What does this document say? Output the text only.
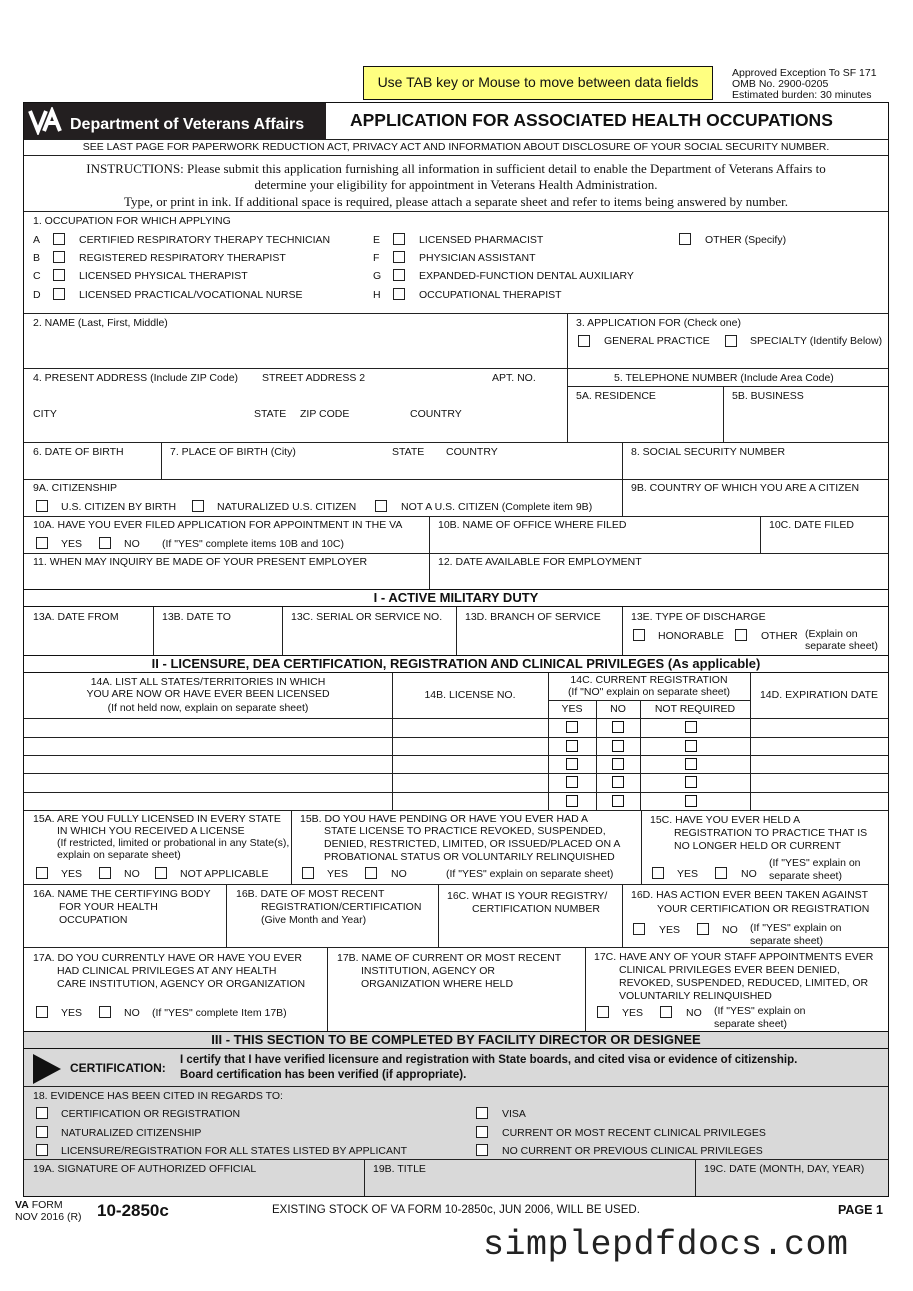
Use TAB key or Mouse to move between data fields
Approved Exception To SF 171
OMB No. 2900-0205
Estimated burden: 30 minutes
Department of Veterans Affairs	APPLICATION FOR ASSOCIATED HEALTH OCCUPATIONS
SEE LAST PAGE FOR PAPERWORK REDUCTION ACT, PRIVACY ACT AND INFORMATION ABOUT DISCLOSURE OF YOUR SOCIAL SECURITY NUMBER.
INSTRUCTIONS: Please submit this application furnishing all information in sufficient detail to enable the Department of Veterans Affairs to
determine your eligibility for appointment in Veterans Health Administration.
Type, or print in ink. If additional space is required, please attach a separate sheet and refer to items being answered by number.
1. OCCUPATION FOR WHICH APPLYING
A	CERTIFIED RESPIRATORY THERAPY TECHNICIAN
B	REGISTERED RESPIRATORY THERAPIST
C	LICENSED PHYSICAL THERAPIST
D	LICENSED PRACTICAL/VOCATIONAL NURSE
E	LICENSED PHARMACIST
F	PHYSICIAN ASSISTANT
G	EXPANDED-FUNCTION DENTAL AUXILIARY
H	OCCUPATIONAL THERAPIST
OTHER (Specify)
2. NAME (Last, First, Middle)	3. APPLICATION FOR (Check one)
GENERAL PRACTICE	SPECIALTY (Identify Below)
4. PRESENT ADDRESS (Include ZIP Code) STREET ADDRESS 2	APT. NO.
CITY	STATE ZIP CODE	COUNTRY
5. TELEPHONE NUMBER (Include Area Code)
5A. RESIDENCE	5B. BUSINESS
6. DATE OF BIRTH	7. PLACE OF BIRTH (City)	STATE COUNTRY	8. SOCIAL SECURITY NUMBER
9A. CITIZENSHIP
U.S. CITIZEN BY BIRTH	NATURALIZED U.S. CITIZEN	NOT A U.S. CITIZEN (Complete item 9B)
9B. COUNTRY OF WHICH YOU ARE A CITIZEN
10A. HAVE YOU EVER FILED APPLICATION FOR APPOINTMENT IN THE VA
YES	NO (If "YES" complete items 10B and 10C)
10B. NAME OF OFFICE WHERE FILED	10C. DATE FILED
11. WHEN MAY INQUIRY BE MADE OF YOUR PRESENT EMPLOYER	12. DATE AVAILABLE FOR EMPLOYMENT
I - ACTIVE MILITARY DUTY
13A. DATE FROM	13B. DATE TO	13C. SERIAL OR SERVICE NO. 13D. BRANCH OF SERVICE	13E. TYPE OF DISCHARGE
HONORABLE	OTHER (Explain on
separate sheet)
II - LICENSURE, DEA CERTIFICATION, REGISTRATION AND CLINICAL PRIVILEGES (As applicable)
14A. LIST ALL STATES/TERRITORIES IN WHICH
YOU ARE NOW OR HAVE EVER BEEN LICENSED
(If not held now, explain on separate sheet)
14B. LICENSE NO.
14C. CURRENT REGISTRATION
(If "NO" explain on separate sheet)
YES	NO	NOT REQUIRED
14D. EXPIRATION DATE
15A. ARE YOU FULLY LICENSED IN EVERY STATE
IN WHICH YOU RECEIVED A LICENSE
(If restricted, limited or probational in any State(s),
explain on separate sheet)
YES	NO	NOT APPLICABLE
15B. DO YOU HAVE PENDING OR HAVE YOU EVER HAD A
STATE LICENSE TO PRACTICE REVOKED, SUSPENDED,
DENIED, RESTRICTED, LIMITED, OR ISSUED/PLACED ON A
PROBATIONAL STATUS OR VOLUNTARILY RELINQUISHED
YES	NO	(If "YES" explain on separate sheet)
15C. HAVE YOU EVER HELD A
REGISTRATION TO PRACTICE THAT IS
NO LONGER HELD OR CURRENT
YES	NO
(If "YES" explain on
separate sheet)
16A. NAME THE CERTIFYING BODY
FOR YOUR HEALTH
OCCUPATION
16B. DATE OF MOST RECENT
REGISTRATION/CERTIFICATION
(Give Month and Year)
16C. WHAT IS YOUR REGISTRY/
CERTIFICATION NUMBER
16D. HAS ACTION EVER BEEN TAKEN AGAINST
YOUR CERTIFICATION OR REGISTRATION
YES	NO (If "YES" explain on
separate sheet)
17A. DO YOU CURRENTLY HAVE OR HAVE YOU EVER
HAD CLINICAL PRIVILEGES AT ANY HEALTH
CARE INSTITUTION, AGENCY OR ORGANIZATION
YES	NO (If "YES" complete Item 17B)
17B. NAME OF CURRENT OR MOST RECENT
INSTITUTION, AGENCY OR
ORGANIZATION WHERE HELD
17C. HAVE ANY OF YOUR STAFF APPOINTMENTS EVER
CLINICAL PRIVILEGES EVER BEEN DENIED,
REVOKED, SUSPENDED, REDUCED, LIMITED, OR
VOLUNTARILY RELINQUISHED
YES	NO (If "YES" explain on
separate sheet)
III - THIS SECTION TO BE COMPLETED BY FACILITY DIRECTOR OR DESIGNEE
CERTIFICATION:
I certify that I have verified licensure and registration with State boards, and cited visa or evidence of citizenship.
Board certification has been verified (if appropriate).
18. EVIDENCE HAS BEEN CITED IN REGARDS TO:
CERTIFICATION OR REGISTRATION
NATURALIZED CITIZENSHIP
LICENSURE/REGISTRATION FOR ALL STATES LISTED BY APPLICANT
VISA
CURRENT OR MOST RECENT CLINICAL PRIVILEGES
NO CURRENT OR PREVIOUS CLINICAL PRIVILEGES
19A. SIGNATURE OF AUTHORIZED OFFICIAL	19B. TITLE	19C. DATE (MONTH, DAY, YEAR)
VA FORM
NOV 2016 (R) 10-2850c	EXISTING STOCK OF VA FORM 10-2850c, JUN 2006, WILL BE USED.	PAGE 1
simplepdfdocs.com
